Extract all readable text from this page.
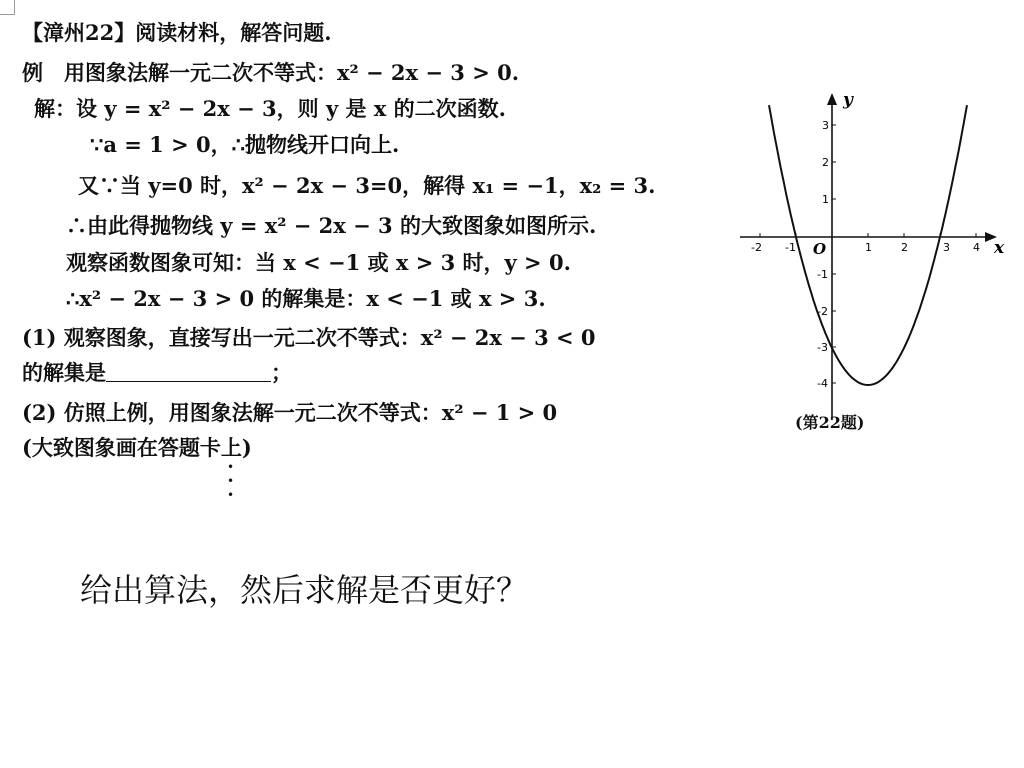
【漳州22】阅读材料，解答问题.
例　用图象法解一元二次不等式：x² − 2x − 3 > 0.
解：设 y = x² − 2x − 3，则 y 是 x 的二次函数.
∵a = 1 > 0，∴抛物线开口向上.
又∵当 y=0 时，x² − 2x − 3=0，解得 x₁ = −1，x₂ = 3.
∴由此得抛物线 y = x² − 2x − 3 的大致图象如图所示.
观察函数图象可知：当 x < −1 或 x > 3 时，y > 0.
∴x² − 2x − 3 > 0 的解集是：x < −1 或 x > 3.
(1) 观察图象，直接写出一元二次不等式：x² − 2x − 3 < 0
的解集是	；
(2) 仿照上例，用图象法解一元二次不等式：x² − 1 > 0
(大致图象画在答题卡上)
• • •
x
y
O
-2 -1	1	2	3 4
3
2
1
-1
-2
-3
-4
(第22题)
给出算法，然后求解是否更好？
